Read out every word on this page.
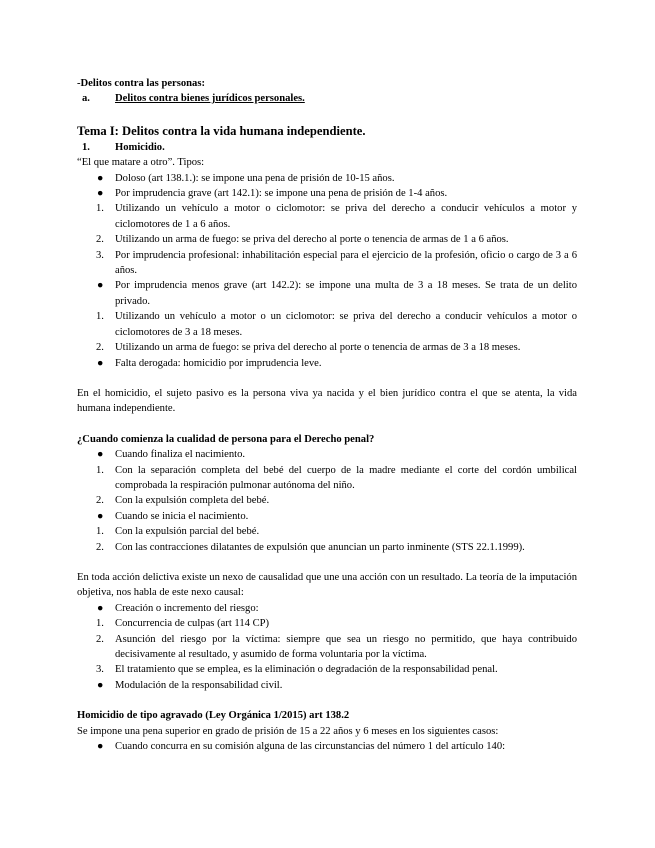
-Delitos contra las personas:

a. Delitos contra bienes jurídicos personales.

Tema I: Delitos contra la vida humana independiente.

1. Homicidio.

“El que matare a otro”. Tipos:

●	Doloso (art 138.1.): se impone una pena de prisión de 10-15 años.
●	Por imprudencia grave (art 142.1): se impone una pena de prisión de 1-4 años.
1.	Utilizando un vehículo a motor o ciclomotor: se priva del derecho a conducir vehículos a motor y ciclomotores de 1 a 6 años.
2.	Utilizando un arma de fuego: se priva del derecho al porte o tenencia de armas de 1 a 6 años.
3.	Por imprudencia profesional: inhabilitación especial para el ejercicio de la profesión, oficio o cargo de 3 a 6 años.
●	Por imprudencia menos grave (art 142.2): se impone una multa de 3 a 18 meses. Se trata de un delito privado.
1.	Utilizando un vehículo a motor o un ciclomotor: se priva del derecho a conducir vehículos a motor o ciclomotores de 3 a 18 meses.
2.	Utilizando un arma de fuego: se priva del derecho al porte o tenencia de armas de 3 a 18 meses.
●	Falta derogada: homicidio por imprudencia leve.

En el homicidio, el sujeto pasivo es la persona viva ya nacida y el bien jurídico contra el que se atenta, la vida humana independiente.

¿Cuando comienza la cualidad de persona para el Derecho penal?

●	Cuando finaliza el nacimiento.
1.	Con la separación completa del bebé del cuerpo de la madre mediante el corte del cordón umbilical comprobada la respiración pulmonar autónoma del niño.
2.	Con la expulsión completa del bebé.
●	Cuando se inicia el nacimiento.
1.	Con la expulsión parcial del bebé.
2.	Con las contracciones dilatantes de expulsión que anuncian un parto inminente (STS 22.1.1999).

En toda acción delictiva existe un nexo de causalidad que une una acción con un resultado. La teoría de la imputación objetiva, nos habla de este nexo causal:

●	Creación o incremento del riesgo:
1.	Concurrencia de culpas (art 114 CP)
2.	Asunción del riesgo por la víctima: siempre que sea un riesgo no permitido, que haya contribuido decisivamente al resultado, y asumido de forma voluntaria por la víctima.
3.	El tratamiento que se emplea, es la eliminación o degradación de la responsabilidad penal.
●	Modulación de la responsabilidad civil.

Homicidio de tipo agravado (Ley Orgánica 1/2015) art 138.2

Se impone una pena superior en grado de prisión de 15 a 22 años y 6 meses en los siguientes casos:

●	Cuando concurra en su comisión alguna de las circunstancias del número 1 del artículo 140:
